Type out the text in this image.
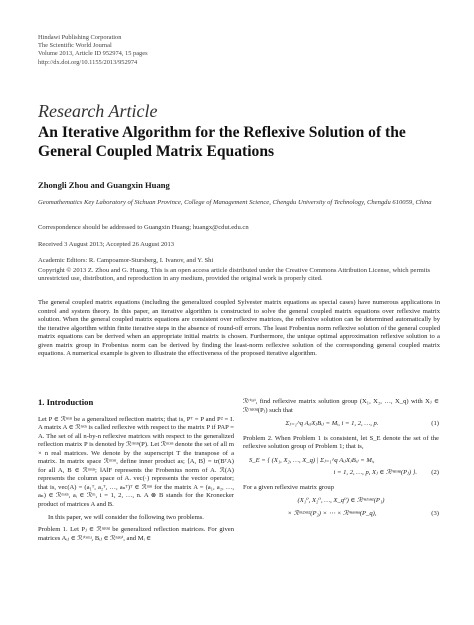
Hindawi Publishing Corporation
The Scientific World Journal
Volume 2013, Article ID 952974, 15 pages
http://dx.doi.org/10.1155/2013/952974
Research Article
An Iterative Algorithm for the Reflexive Solution of the General Coupled Matrix Equations
Zhongli Zhou and Guangxin Huang
Geomathematics Key Laboratory of Sichuan Province, College of Management Science, Chengdu University of Technology, Chengdu 610059, China
Correspondence should be addressed to Guangxin Huang; huangx@cdut.edu.cn
Received 3 August 2013; Accepted 26 August 2013
Academic Editors: R. Campoamor-Stursberg, I. Ivanov, and Y. Shi
Copyright © 2013 Z. Zhou and G. Huang. This is an open access article distributed under the Creative Commons Attribution License, which permits unrestricted use, distribution, and reproduction in any medium, provided the original work is properly cited.
The general coupled matrix equations (including the generalized coupled Sylvester matrix equations as special cases) have numerous applications in control and system theory. In this paper, an iterative algorithm is constructed to solve the general coupled matrix equations over reflexive matrix solution. When the general coupled matrix equations are consistent over reflexive matrices, the reflexive solution can be determined automatically by the iterative algorithm within finite iterative steps in the absence of round-off errors. The least Frobenius norm reflexive solution of the general coupled matrix equations can be derived when an appropriate initial matrix is chosen. Furthermore, the unique optimal approximation reflexive solution to a given matrix group in Frobenius norm can be derived by finding the least-norm reflexive solution of the corresponding general coupled matrix equations. A numerical example is given to illustrate the effectiveness of the proposed iterative algorithm.
1. Introduction
Let P ∈ ℛⁿˣⁿ be a generalized reflection matrix; that is, Pᵀ = P and P² = I. A matrix A ∈ ℛⁿˣⁿ is called reflexive with respect to the matrix P if PAP = A. The set of all n-by-n reflexive matrices with respect to the generalized reflection matrix P is denoted by ℛʳⁿˣⁿ(P). Let ℛᵐˣⁿ denote the set of all m × n real matrices. We denote by the superscript T the transpose of a matrix. In matrix space ℛᵐˣⁿ, define inner product as; ⟨A, B⟩ = tr(BᵀA) for all A, B ∈ ℛᵐˣⁿ; ‖A‖F represents the Frobenius norm of A. ℛ(A) represents the column space of A. vec(·) represents the vector operator; that is, vec(A) = (a₁ᵀ, a₂ᵀ, …, aₙᵀ)ᵀ ∈ ℛᵐⁿ for the matrix A = (a₁, a₂, …, aₙ) ∈ ℛᵐˣⁿ, aᵢ ∈ ℛᵐ, i = 1, 2, …, n. A ⊗ B stands for the Kronecker product of matrices A and B.
In this paper, we will consider the following two problems.
Problem 1. Let Pⱼ ∈ ℛⁿʲˣⁿʲ be generalized reflection matrices. For given matrices Aᵢⱼ ∈ ℛʳⁱˣᵐʲ, Bᵢⱼ ∈ ℛⁿʲˣˢⁱ, and Mᵢ ∈
ℛʳⁱˣˢⁱ, find reflexive matrix solution group (X₁, X₂, …, X_q) with Xⱼ ∈ ℛʳⁿʲˣⁿʲ(Pⱼ) such that
Σⱼ₌₁^q AᵢⱼXⱼBᵢⱼ = Mᵢ, i = 1, 2, …, p.	(1)
Problem 2. When Problem 1 is consistent, let S_E denote the set of the reflexive solution group of Problem 1; that is,
S_E = { (X₁, X₂, …, X_q) | Σⱼ₌₁^q AᵢⱼXⱼBᵢⱼ = Mᵢ,
i = 1, 2, …, p, Xⱼ ∈ ℛʳⁿʲˣⁿʲ(Pⱼ) }.	(2)
For a given reflexive matrix group
(X₁⁰, X₂⁰, …, X_q⁰) ∈ ℛʳⁿ¹ˣⁿ¹(P₁)
× ℛʳⁿ²ˣⁿ²(P₂) × ⋯ × ℛʳⁿᵠˣⁿᵠ(P_q),	(3)
